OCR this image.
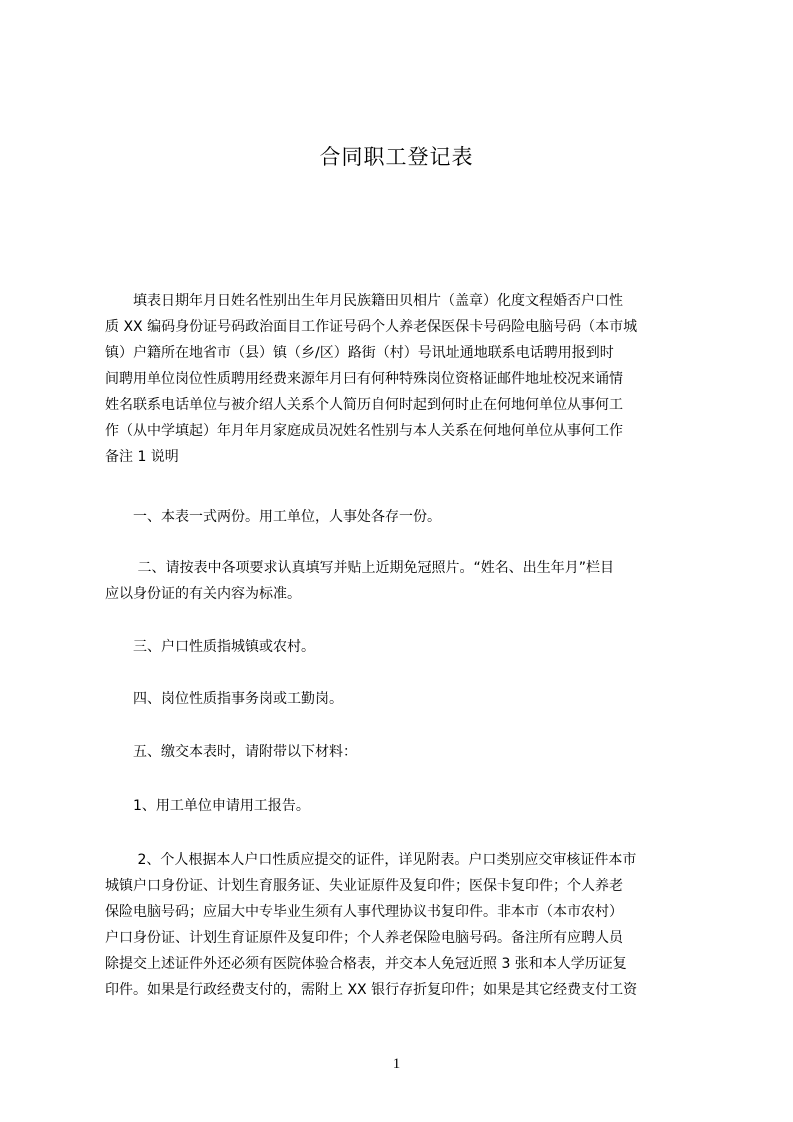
合同职工登记表
　　填表日期年月日姓名性别出生年月民族籍田贝相片（盖章）化度文程婚否户口性
质 XX 编码身份证号码政治面目工作证号码个人养老保医保卡号码险电脑号码（本市城
镇）户籍所在地省市（县）镇（乡/区）路街（村）号讯址通地联系电话聘用报到时
间聘用单位岗位性质聘用经费来源年月曰有何种特殊岗位资格证邮件地址校况来诵情
姓名联系电话单位与被介绍人关系个人简历自何时起到何时止在何地何单位从事何工
作（从中学填起）年月年月家庭成员况姓名性别与本人关系在何地何单位从事何工作
备注 1 说明
　　一、本表一式两份。用工单位，人事处各存一份。
　　 二、请按表中各项要求认真填写并贴上近期免冠照片。“姓名、出生年月”栏目
应以身份证的有关内容为标准。
　　三、户口性质指城镇或农村。
　　四、岗位性质指事务岗或工勤岗。
　　五、缴交本表时，请附带以下材料：
　　1、用工单位申请用工报告。
　　 2、个人根据本人户口性质应提交的证件，详见附表。户口类别应交审核证件本市
城镇户口身份证、计划生育服务证、失业证原件及复印件；医保卡复印件；个人养老
保险电脑号码；应届大中专毕业生须有人事代理协议书复印件。非本市（本市农村）
户口身份证、计划生育证原件及复印件；个人养老保险电脑号码。备注所有应聘人员
除提交上述证件外还必须有医院体验合格表，并交本人免冠近照 3 张和本人学历证复
印件。如果是行政经费支付的，需附上 XX 银行存折复印件；如果是其它经费支付工资
1
